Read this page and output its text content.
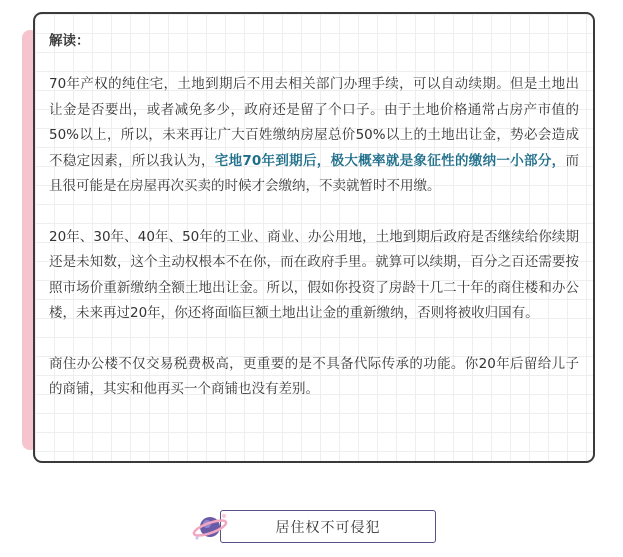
解读：

70年产权的纯住宅，土地到期后不用去相关部门办理手续，可以自动续期。但是土地出让金是否要出，或者减免多少，政府还是留了个口子。由于土地价格通常占房产市值的50%以上，所以，未来再让广大百姓缴纳房屋总价50%以上的土地出让金，势必会造成不稳定因素，所以我认为，宅地70年到期后，极大概率就是象征性的缴纳一小部分，而且很可能是在房屋再次买卖的时候才会缴纳，不卖就暂时不用缴。

20年、30年、40年、50年的工业、商业、办公用地，土地到期后政府是否继续给你续期还是未知数，这个主动权根本不在你，而在政府手里。就算可以续期，百分之百还需要按照市场价重新缴纳全额土地出让金。所以，假如你投资了房龄十几二十年的商住楼和办公楼，未来再过20年，你还将面临巨额土地出让金的重新缴纳，否则将被收归国有。

商住办公楼不仅交易税费极高，更重要的是不具备代际传承的功能。你20年后留给儿子的商铺，其实和他再买一个商铺也没有差别。

居住权不可侵犯
